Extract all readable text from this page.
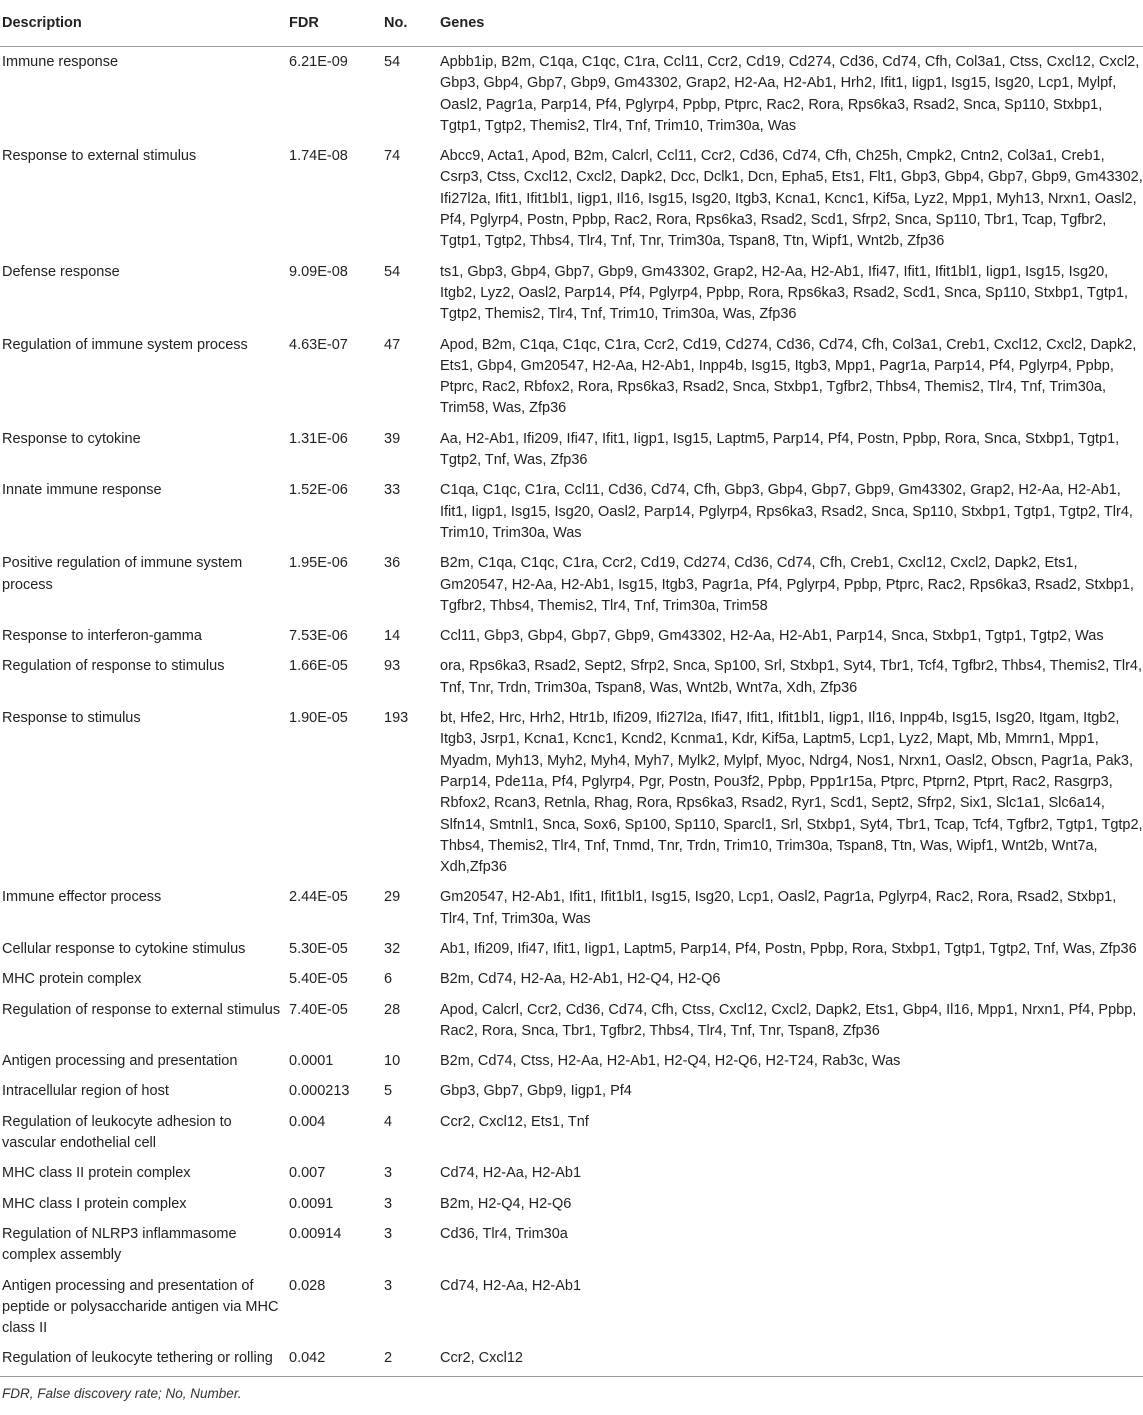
Description	FDR	No.	Genes
Immune response	6.21E-09	54	Apbb1ip, B2m, C1qa, C1qc, C1ra, Ccl11, Ccr2, Cd19, Cd274, Cd36, Cd74, Cfh, Col3a1, Ctss, Cxcl12, Cxcl2, Gbp3, Gbp4, Gbp7, Gbp9, Gm43302, Grap2, H2-Aa, H2-Ab1, Hrh2, Ifit1, Iigp1, Isg15, Isg20, Lcp1, Mylpf, Oasl2, Pagr1a, Parp14, Pf4, Pglyrp4, Ppbp, Ptprc, Rac2, Rora, Rps6ka3, Rsad2, Snca, Sp110, Stxbp1, Tgtp1, Tgtp2, Themis2, Tlr4, Tnf, Trim10, Trim30a, Was
Response to external stimulus	1.74E-08	74	Abcc9, Acta1, Apod, B2m, Calcrl, Ccl11, Ccr2, Cd36, Cd74, Cfh, Ch25h, Cmpk2, Cntn2, Col3a1, Creb1, Csrp3, Ctss, Cxcl12, Cxcl2, Dapk2, Dcc, Dclk1, Dcn, Epha5, Ets1, Flt1, Gbp3, Gbp4, Gbp7, Gbp9, Gm43302, Ifi27l2a, Ifit1, Ifit1bl1, Iigp1, Il16, Isg15, Isg20, Itgb3, Kcna1, Kcnc1, Kif5a, Lyz2, Mpp1, Myh13, Nrxn1, Oasl2, Pf4, Pglyrp4, Postn, Ppbp, Rac2, Rora, Rps6ka3, Rsad2, Scd1, Sfrp2, Snca, Sp110, Tbr1, Tcap, Tgfbr2, Tgtp1, Tgtp2, Thbs4, Tlr4, Tnf, Tnr, Trim30a, Tspan8, Ttn, Wipf1, Wnt2b, Zfp36
Defense response	9.09E-08	54	ts1, Gbp3, Gbp4, Gbp7, Gbp9, Gm43302, Grap2, H2-Aa, H2-Ab1, Ifi47, Ifit1, Ifit1bl1, Iigp1, Isg15, Isg20, Itgb2, Lyz2, Oasl2, Parp14, Pf4, Pglyrp4, Ppbp, Rora, Rps6ka3, Rsad2, Scd1, Snca, Sp110, Stxbp1, Tgtp1, Tgtp2, Themis2, Tlr4, Tnf, Trim10, Trim30a, Was, Zfp36
Regulation of immune system process	4.63E-07	47	Apod, B2m, C1qa, C1qc, C1ra, Ccr2, Cd19, Cd274, Cd36, Cd74, Cfh, Col3a1, Creb1, Cxcl12, Cxcl2, Dapk2, Ets1, Gbp4, Gm20547, H2-Aa, H2-Ab1, Inpp4b, Isg15, Itgb3, Mpp1, Pagr1a, Parp14, Pf4, Pglyrp4, Ppbp, Ptprc, Rac2, Rbfox2, Rora, Rps6ka3, Rsad2, Snca, Stxbp1, Tgfbr2, Thbs4, Themis2, Tlr4, Tnf, Trim30a, Trim58, Was, Zfp36
Response to cytokine	1.31E-06	39	Aa, H2-Ab1, Ifi209, Ifi47, Ifit1, Iigp1, Isg15, Laptm5, Parp14, Pf4, Postn, Ppbp, Rora, Snca, Stxbp1, Tgtp1, Tgtp2, Tnf, Was, Zfp36
Innate immune response	1.52E-06	33	C1qa, C1qc, C1ra, Ccl11, Cd36, Cd74, Cfh, Gbp3, Gbp4, Gbp7, Gbp9, Gm43302, Grap2, H2-Aa, H2-Ab1, Ifit1, Iigp1, Isg15, Isg20, Oasl2, Parp14, Pglyrp4, Rps6ka3, Rsad2, Snca, Sp110, Stxbp1, Tgtp1, Tgtp2, Tlr4, Trim10, Trim30a, Was
Positive regulation of immune system process	1.95E-06	36	B2m, C1qa, C1qc, C1ra, Ccr2, Cd19, Cd274, Cd36, Cd74, Cfh, Creb1, Cxcl12, Cxcl2, Dapk2, Ets1, Gm20547, H2-Aa, H2-Ab1, Isg15, Itgb3, Pagr1a, Pf4, Pglyrp4, Ppbp, Ptprc, Rac2, Rps6ka3, Rsad2, Stxbp1, Tgfbr2, Thbs4, Themis2, Tlr4, Tnf, Trim30a, Trim58
Response to interferon-gamma	7.53E-06	14	Ccl11, Gbp3, Gbp4, Gbp7, Gbp9, Gm43302, H2-Aa, H2-Ab1, Parp14, Snca, Stxbp1, Tgtp1, Tgtp2, Was
Regulation of response to stimulus	1.66E-05	93	ora, Rps6ka3, Rsad2, Sept2, Sfrp2, Snca, Sp100, Srl, Stxbp1, Syt4, Tbr1, Tcf4, Tgfbr2, Thbs4, Themis2, Tlr4, Tnf, Tnr, Trdn, Trim30a, Tspan8, Was, Wnt2b, Wnt7a, Xdh, Zfp36
Response to stimulus	1.90E-05	193	bt, Hfe2, Hrc, Hrh2, Htr1b, Ifi209, Ifi27l2a, Ifi47, Ifit1, Ifit1bl1, Iigp1, Il16, Inpp4b, Isg15, Isg20, Itgam, Itgb2, Itgb3, Jsrp1, Kcna1, Kcnc1, Kcnd2, Kcnma1, Kdr, Kif5a, Laptm5, Lcp1, Lyz2, Mapt, Mb, Mmrn1, Mpp1, Myadm, Myh13, Myh2, Myh4, Myh7, Mylk2, Mylpf, Myoc, Ndrg4, Nos1, Nrxn1, Oasl2, Obscn, Pagr1a, Pak3, Parp14, Pde11a, Pf4, Pglyrp4, Pgr, Postn, Pou3f2, Ppbp, Ppp1r15a, Ptprc, Ptprn2, Ptprt, Rac2, Rasgrp3, Rbfox2, Rcan3, Retnla, Rhag, Rora, Rps6ka3, Rsad2, Ryr1, Scd1, Sept2, Sfrp2, Six1, Slc1a1, Slc6a14, Slfn14, Smtnl1, Snca, Sox6, Sp100, Sp110, Sparcl1, Srl, Stxbp1, Syt4, Tbr1, Tcap, Tcf4, Tgfbr2, Tgtp1, Tgtp2, Thbs4, Themis2, Tlr4, Tnf, Tnmd, Tnr, Trdn, Trim10, Trim30a, Tspan8, Ttn, Was, Wipf1, Wnt2b, Wnt7a, Xdh,Zfp36
Immune effector process	2.44E-05	29	Gm20547, H2-Ab1, Ifit1, Ifit1bl1, Isg15, Isg20, Lcp1, Oasl2, Pagr1a, Pglyrp4, Rac2, Rora, Rsad2, Stxbp1, Tlr4, Tnf, Trim30a, Was
Cellular response to cytokine stimulus	5.30E-05	32	Ab1, Ifi209, Ifi47, Ifit1, Iigp1, Laptm5, Parp14, Pf4, Postn, Ppbp, Rora, Stxbp1, Tgtp1, Tgtp2, Tnf, Was, Zfp36
MHC protein complex	5.40E-05	6	B2m, Cd74, H2-Aa, H2-Ab1, H2-Q4, H2-Q6
Regulation of response to external stimulus	7.40E-05	28	Apod, Calcrl, Ccr2, Cd36, Cd74, Cfh, Ctss, Cxcl12, Cxcl2, Dapk2, Ets1, Gbp4, Il16, Mpp1, Nrxn1, Pf4, Ppbp, Rac2, Rora, Snca, Tbr1, Tgfbr2, Thbs4, Tlr4, Tnf, Tnr, Tspan8, Zfp36
Antigen processing and presentation	0.0001	10	B2m, Cd74, Ctss, H2-Aa, H2-Ab1, H2-Q4, H2-Q6, H2-T24, Rab3c, Was
Intracellular region of host	0.000213	5	Gbp3, Gbp7, Gbp9, Iigp1, Pf4
Regulation of leukocyte adhesion to vascular endothelial cell	0.004	4	Ccr2, Cxcl12, Ets1, Tnf
MHC class II protein complex	0.007	3	Cd74, H2-Aa, H2-Ab1
MHC class I protein complex	0.0091	3	B2m, H2-Q4, H2-Q6
Regulation of NLRP3 inflammasome complex assembly	0.00914	3	Cd36, Tlr4, Trim30a
Antigen processing and presentation of peptide or polysaccharide antigen via MHC class II	0.028	3	Cd74, H2-Aa, H2-Ab1
Regulation of leukocyte tethering or rolling	0.042	2	Ccr2, Cxcl12
FDR, False discovery rate; No, Number.
